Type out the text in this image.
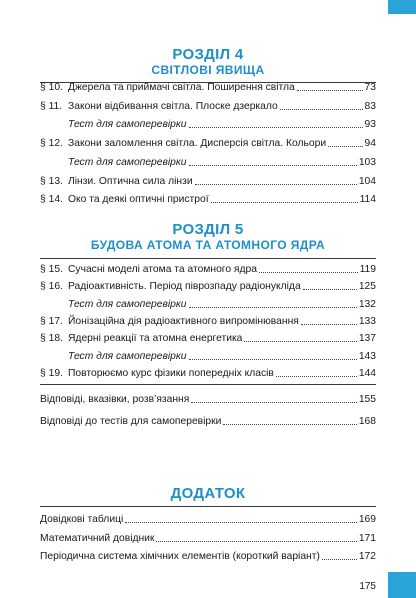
РОЗДІЛ 4
СВІТЛОВІ ЯВИЩА
§ 10. Джерела та приймачі світла. Поширення світла	73
§ 11. Закони відбивання світла. Плоске дзеркало	83
Тест для самоперевірки	93
§ 12. Закони заломлення світла. Дисперсія світла. Кольори	94
Тест для самоперевірки	103
§ 13. Лінзи. Оптична сила лінзи	104
§ 14. Око та деякі оптичні пристрої	114
РОЗДІЛ 5
БУДОВА АТОМА ТА АТОМНОГО ЯДРА
§ 15. Сучасні моделі атома та атомного ядра	119
§ 16. Радіоактивність. Період піврозпаду радіонукліда	125
Тест для самоперевірки	132
§ 17. Йонізаційна дія радіоактивного випромінювання	133
§ 18. Ядерні реакції та атомна енергетика	137
Тест для самоперевірки	143
§ 19. Повторюємо курс фізики попередніх класів	144
Відповіді, вказівки, розв’язання	155
Відповіді до тестів для самоперевірки	168
ДОДАТОК
Довідкові таблиці	169
Математичний довідник	171
Періодична система хімічних елементів (короткий варіант)	172
175
